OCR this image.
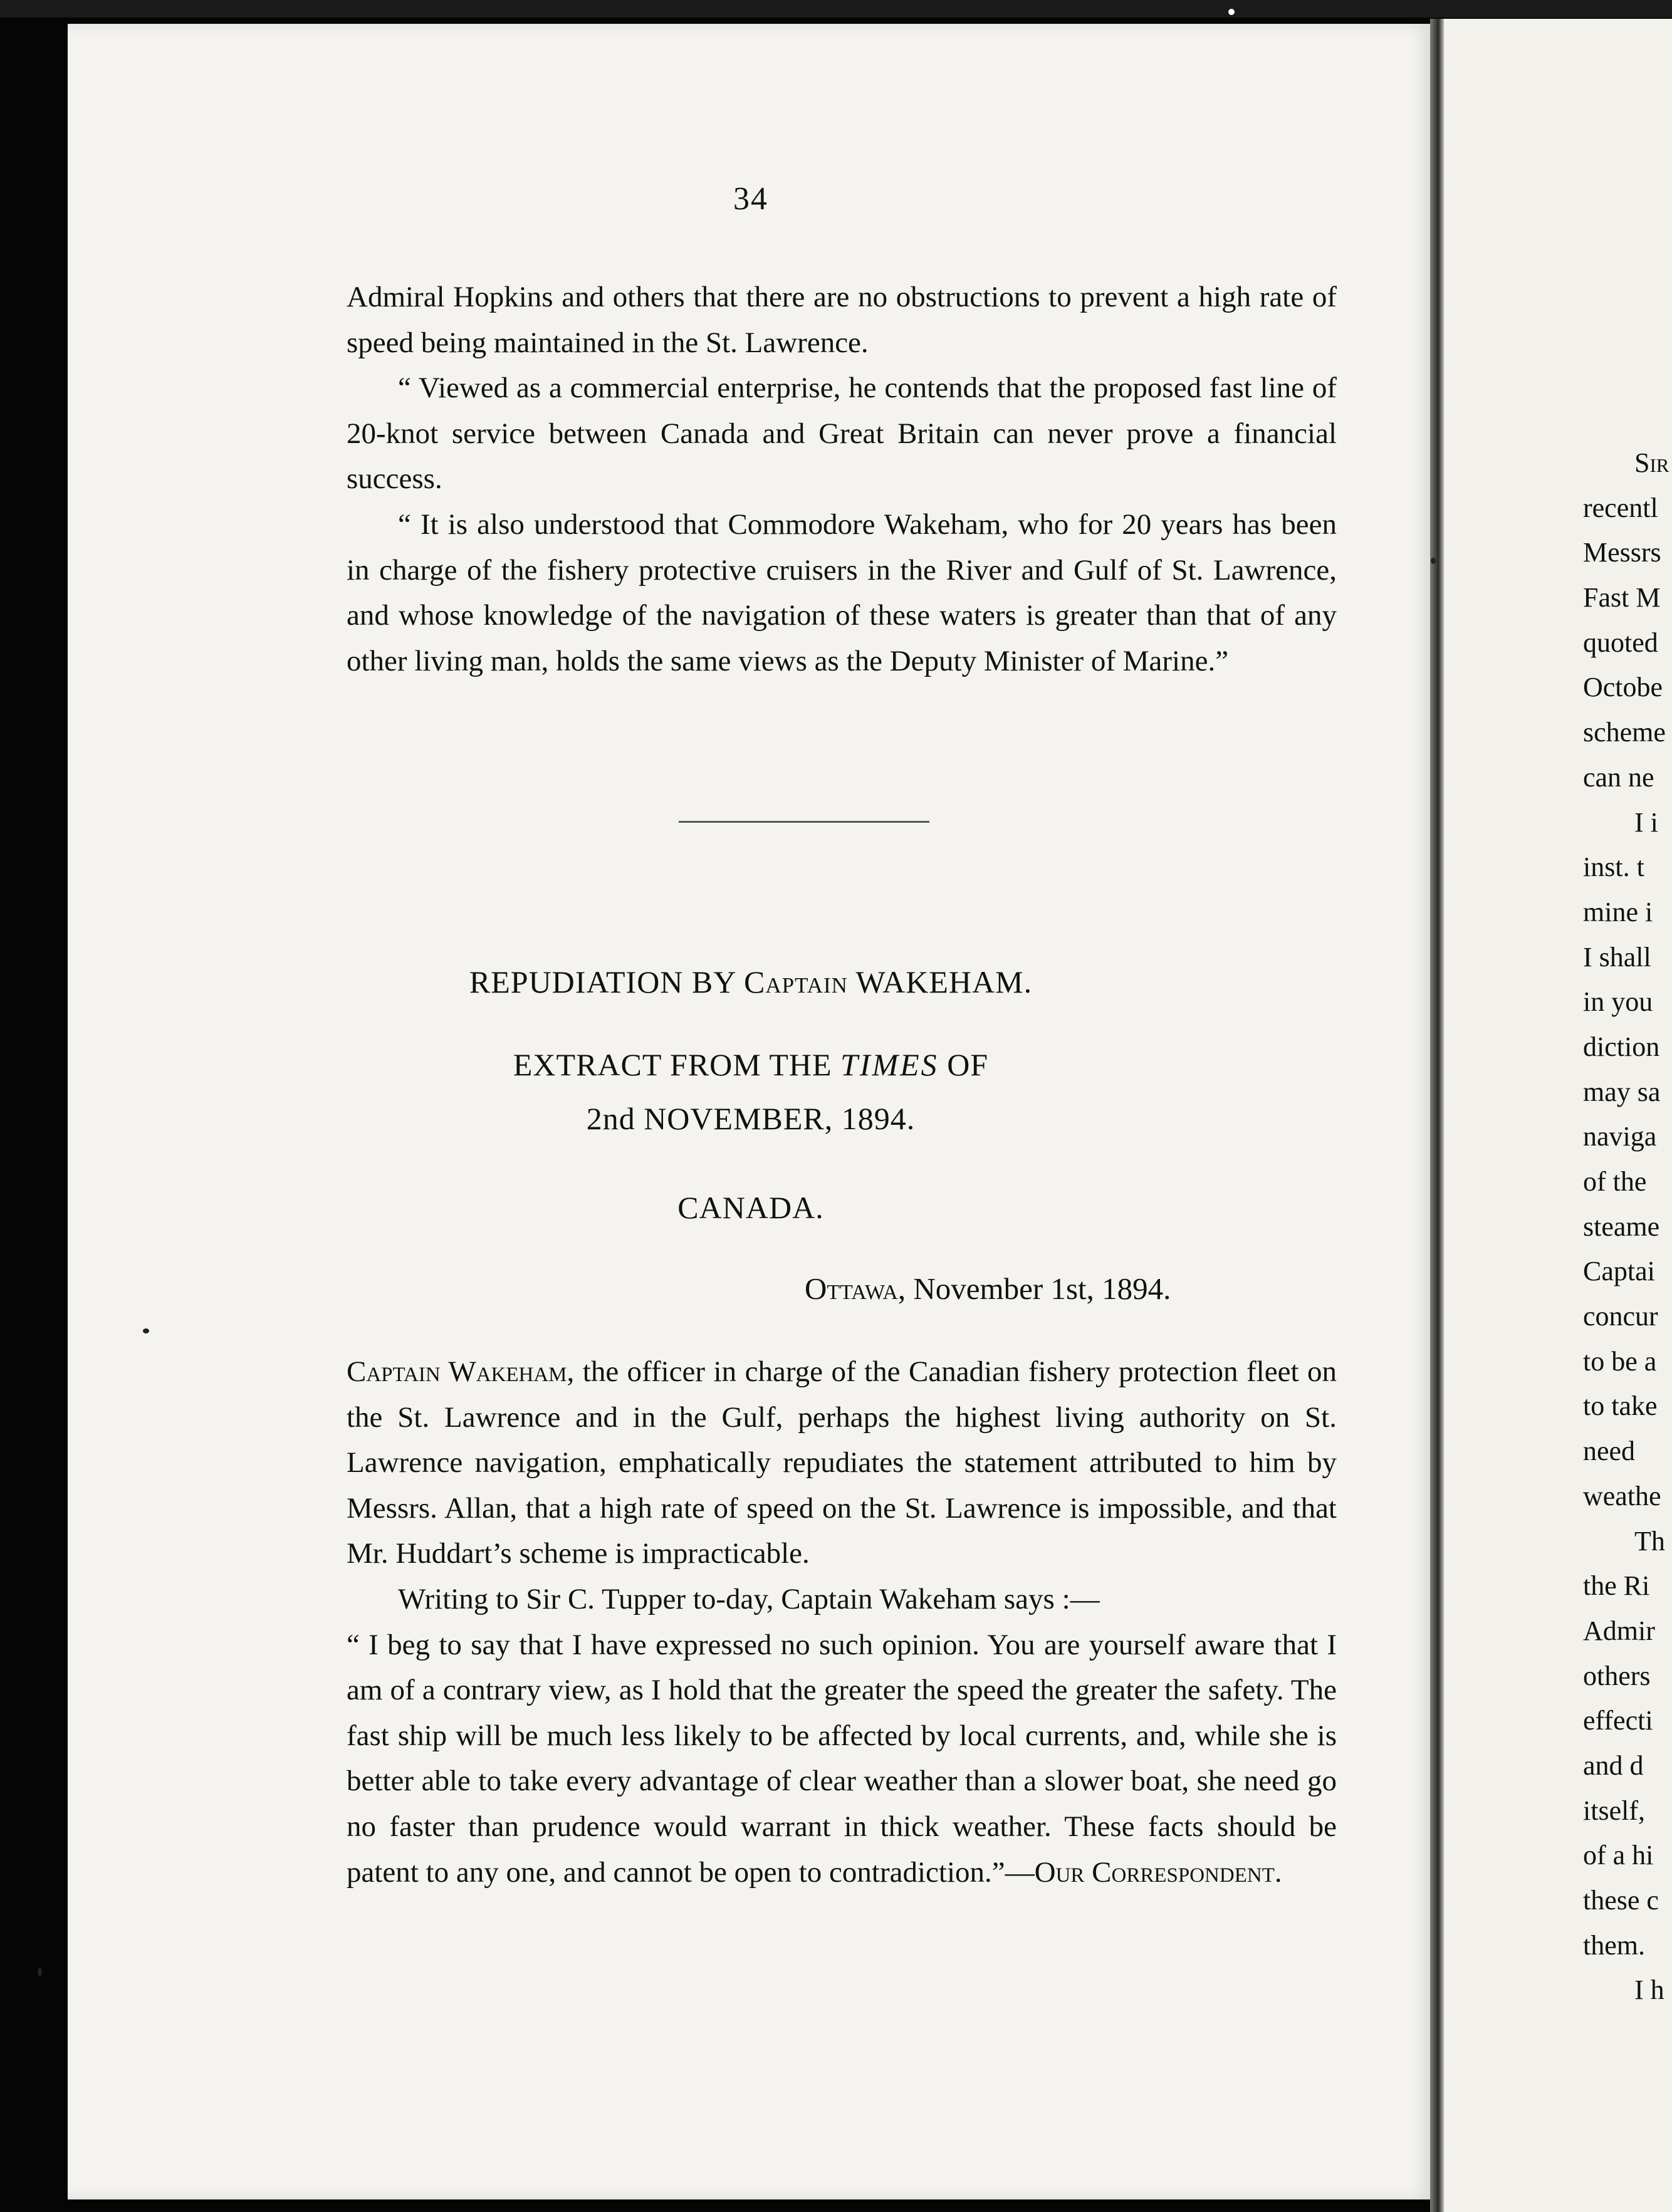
34

Admiral Hopkins and others that there are no obstructions to prevent a high rate of speed being maintained in the St. Lawrence.

“ Viewed as a commercial enterprise, he contends that the proposed fast line of 20-knot service between Canada and Great Britain can never prove a financial success.

“ It is also understood that Commodore Wakeham, who for 20 years has been in charge of the fishery protective cruisers in the River and Gulf of St. Lawrence, and whose knowledge of the navigation of these waters is greater than that of any other living man, holds the same views as the Deputy Minister of Marine.”

REPUDIATION BY Captain WAKEHAM.
EXTRACT FROM THE TIMES OF
2nd NOVEMBER, 1894.
CANADA.
Ottawa, November 1st, 1894.

Captain Wakeham, the officer in charge of the Canadian fishery protection fleet on the St. Lawrence and in the Gulf, perhaps the highest living authority on St. Lawrence navigation, emphatically repudiates the statement attributed to him by Messrs. Allan, that a high rate of speed on the St. Lawrence is impossible, and that Mr. Huddart’s scheme is impracticable.

Writing to Sir C. Tupper to-day, Captain Wakeham says :—

“ I beg to say that I have expressed no such opinion. You are yourself aware that I am of a contrary view, as I hold that the greater the speed the greater the safety. The fast ship will be much less likely to be affected by local currents, and, while she is better able to take every advantage of clear weather than a slower boat, she need go no faster than prudence would warrant in thick weather. These facts should be patent to any one, and cannot be open to contradiction.”—Our Correspondent.

Sir
recentl
Messrs
Fast M
quoted
Octobe
scheme
can ne
I i
inst. t
mine i
I shall
in you
diction
may sa
naviga
of the
steame
Captai
concur
to be a
to take
need
weathe
Th
the Ri
Admir
others
effecti
and d
itself,
of a hi
these c
them.
I h
